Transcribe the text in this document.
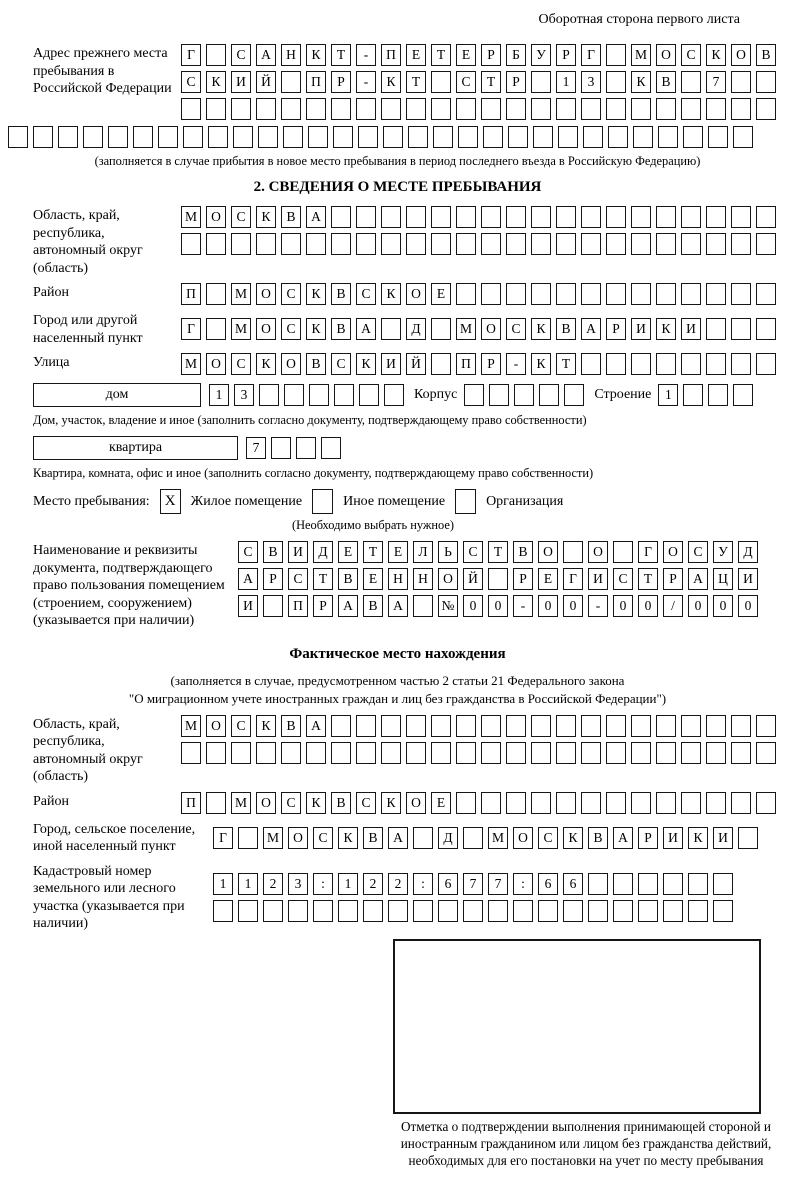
Оборотная сторона первого листа
Адрес прежнего места пребывания в Российской Федерации
Г	С	А	Н	К	Т	-	П	Е	Т	Е	Р	Б	У	Р	Г	М	О	С	К	О	В
С	К	И	Й	П	Р	-	К	Т	С	Т	Р	1	3	К	В	7
(заполняется в случае прибытия в новое место пребывания в период последнего въезда в Российскую Федерацию)
2. СВЕДЕНИЯ О МЕСТЕ ПРЕБЫВАНИЯ
Область, край, республика, автономный округ (область)
М	О	С	К	В	А
Район	П	М	О	С	К	В	С	К	О	Е
Город или другой населенный пункт
Г	М	О	С	К	В	А	Д	М	О	С	К	В	А	Р	И	К	И
Улица	М	О	С	К	О	В	С	К	И	Й	П	Р	-	К	Т
дом	1	3	Корпус	Строение	1
Дом, участок, владение и иное (заполнить согласно документу, подтверждающему право собственности)
квартира	7
Квартира, комната, офис и иное (заполнить согласно документу, подтверждающему право собственности)
Место пребывания:	X	Жилое помещение	Иное помещение	Организация
(Необходимо выбрать нужное)
Наименование и реквизиты документа, подтверждающего право пользования помещением (строением, сооружением) (указывается при наличии)
С	В	И	Д	Е	Т	Е	Л	Ь	С	Т	В	О	О	Г	О	С	У	Д
А	Р	С	Т	В	Е	Н	Н	О	Й	Р	Е	Г	И	С	Т	Р	А	Ц	И
И	П	Р	А	В	А	№	0	0	-	0	0	-	0	0	/	0	0	0
Фактическое место нахождения
(заполняется в случае, предусмотренном частью 2 статьи 21 Федерального закона
"О миграционном учете иностранных граждан и лиц без гражданства в Российской Федерации")
Область, край, республика, автономный округ (область)
М	О	С	К	В	А
Район	П	М	О	С	К	В	С	К	О	Е
Город, сельское поселение, иной населенный пункт
Г	М	О	С	К	В	А	Д	М	О	С	К	В	А	Р	И	К	И
Кадастровый номер земельного или лесного участка (указывается при наличии)
1	1	2	3	:	1	2	2	:	6	7	7	:	6	6
Отметка о подтверждении выполнения принимающей стороной и иностранным гражданином или лицом без гражданства действий, необходимых для его постановки на учет по месту пребывания
